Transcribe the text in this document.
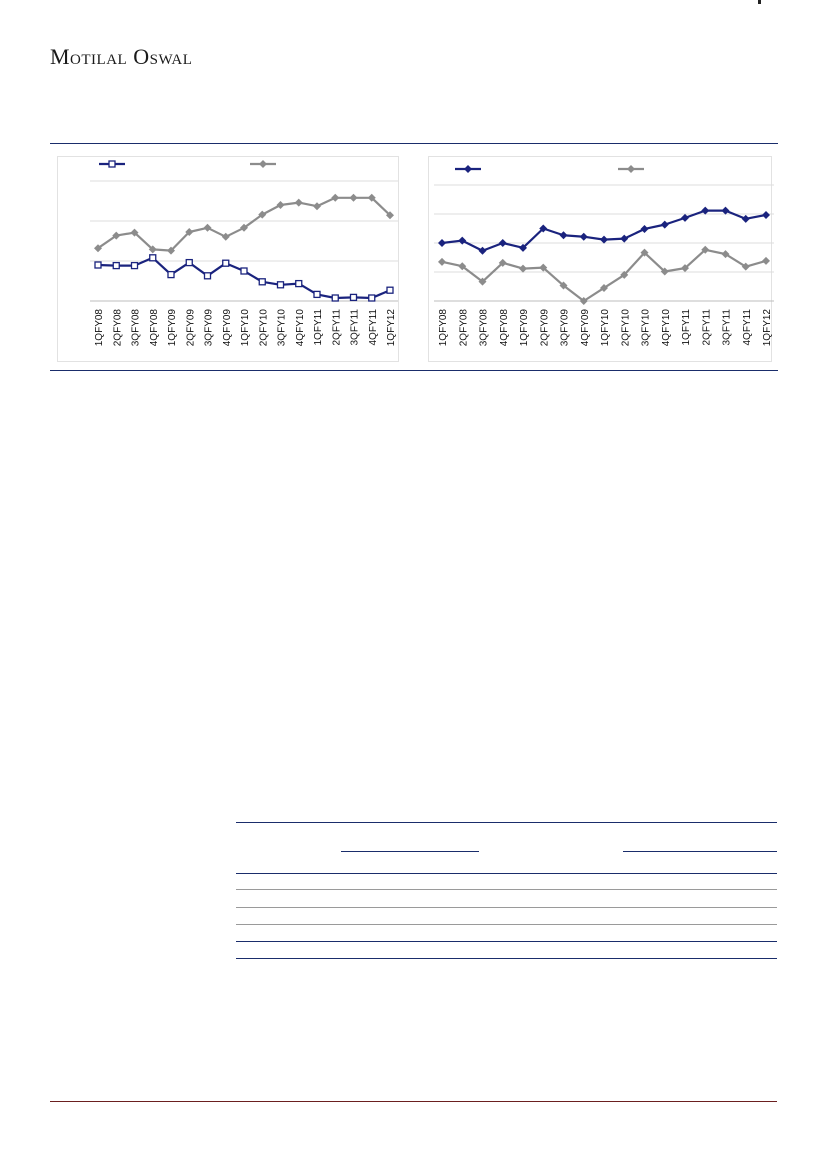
Motilal Oswal
1QFY08 2QFY08 3QFY08 4QFY08 1QFY09 2QFY09 3QFY09 4QFY09 1QFY10 2QFY10 3QFY10 4QFY10 1QFY11 2QFY11 3QFY11 4QFY11 1QFY12	1QFY08 2QFY08 3QFY08 4QFY08 1QFY09 2QFY09 3QFY09 4QFY09 1QFY10 2QFY10 3QFY10 4QFY10 1QFY11 2QFY11 3QFY11 4QFY11 1QFY12
